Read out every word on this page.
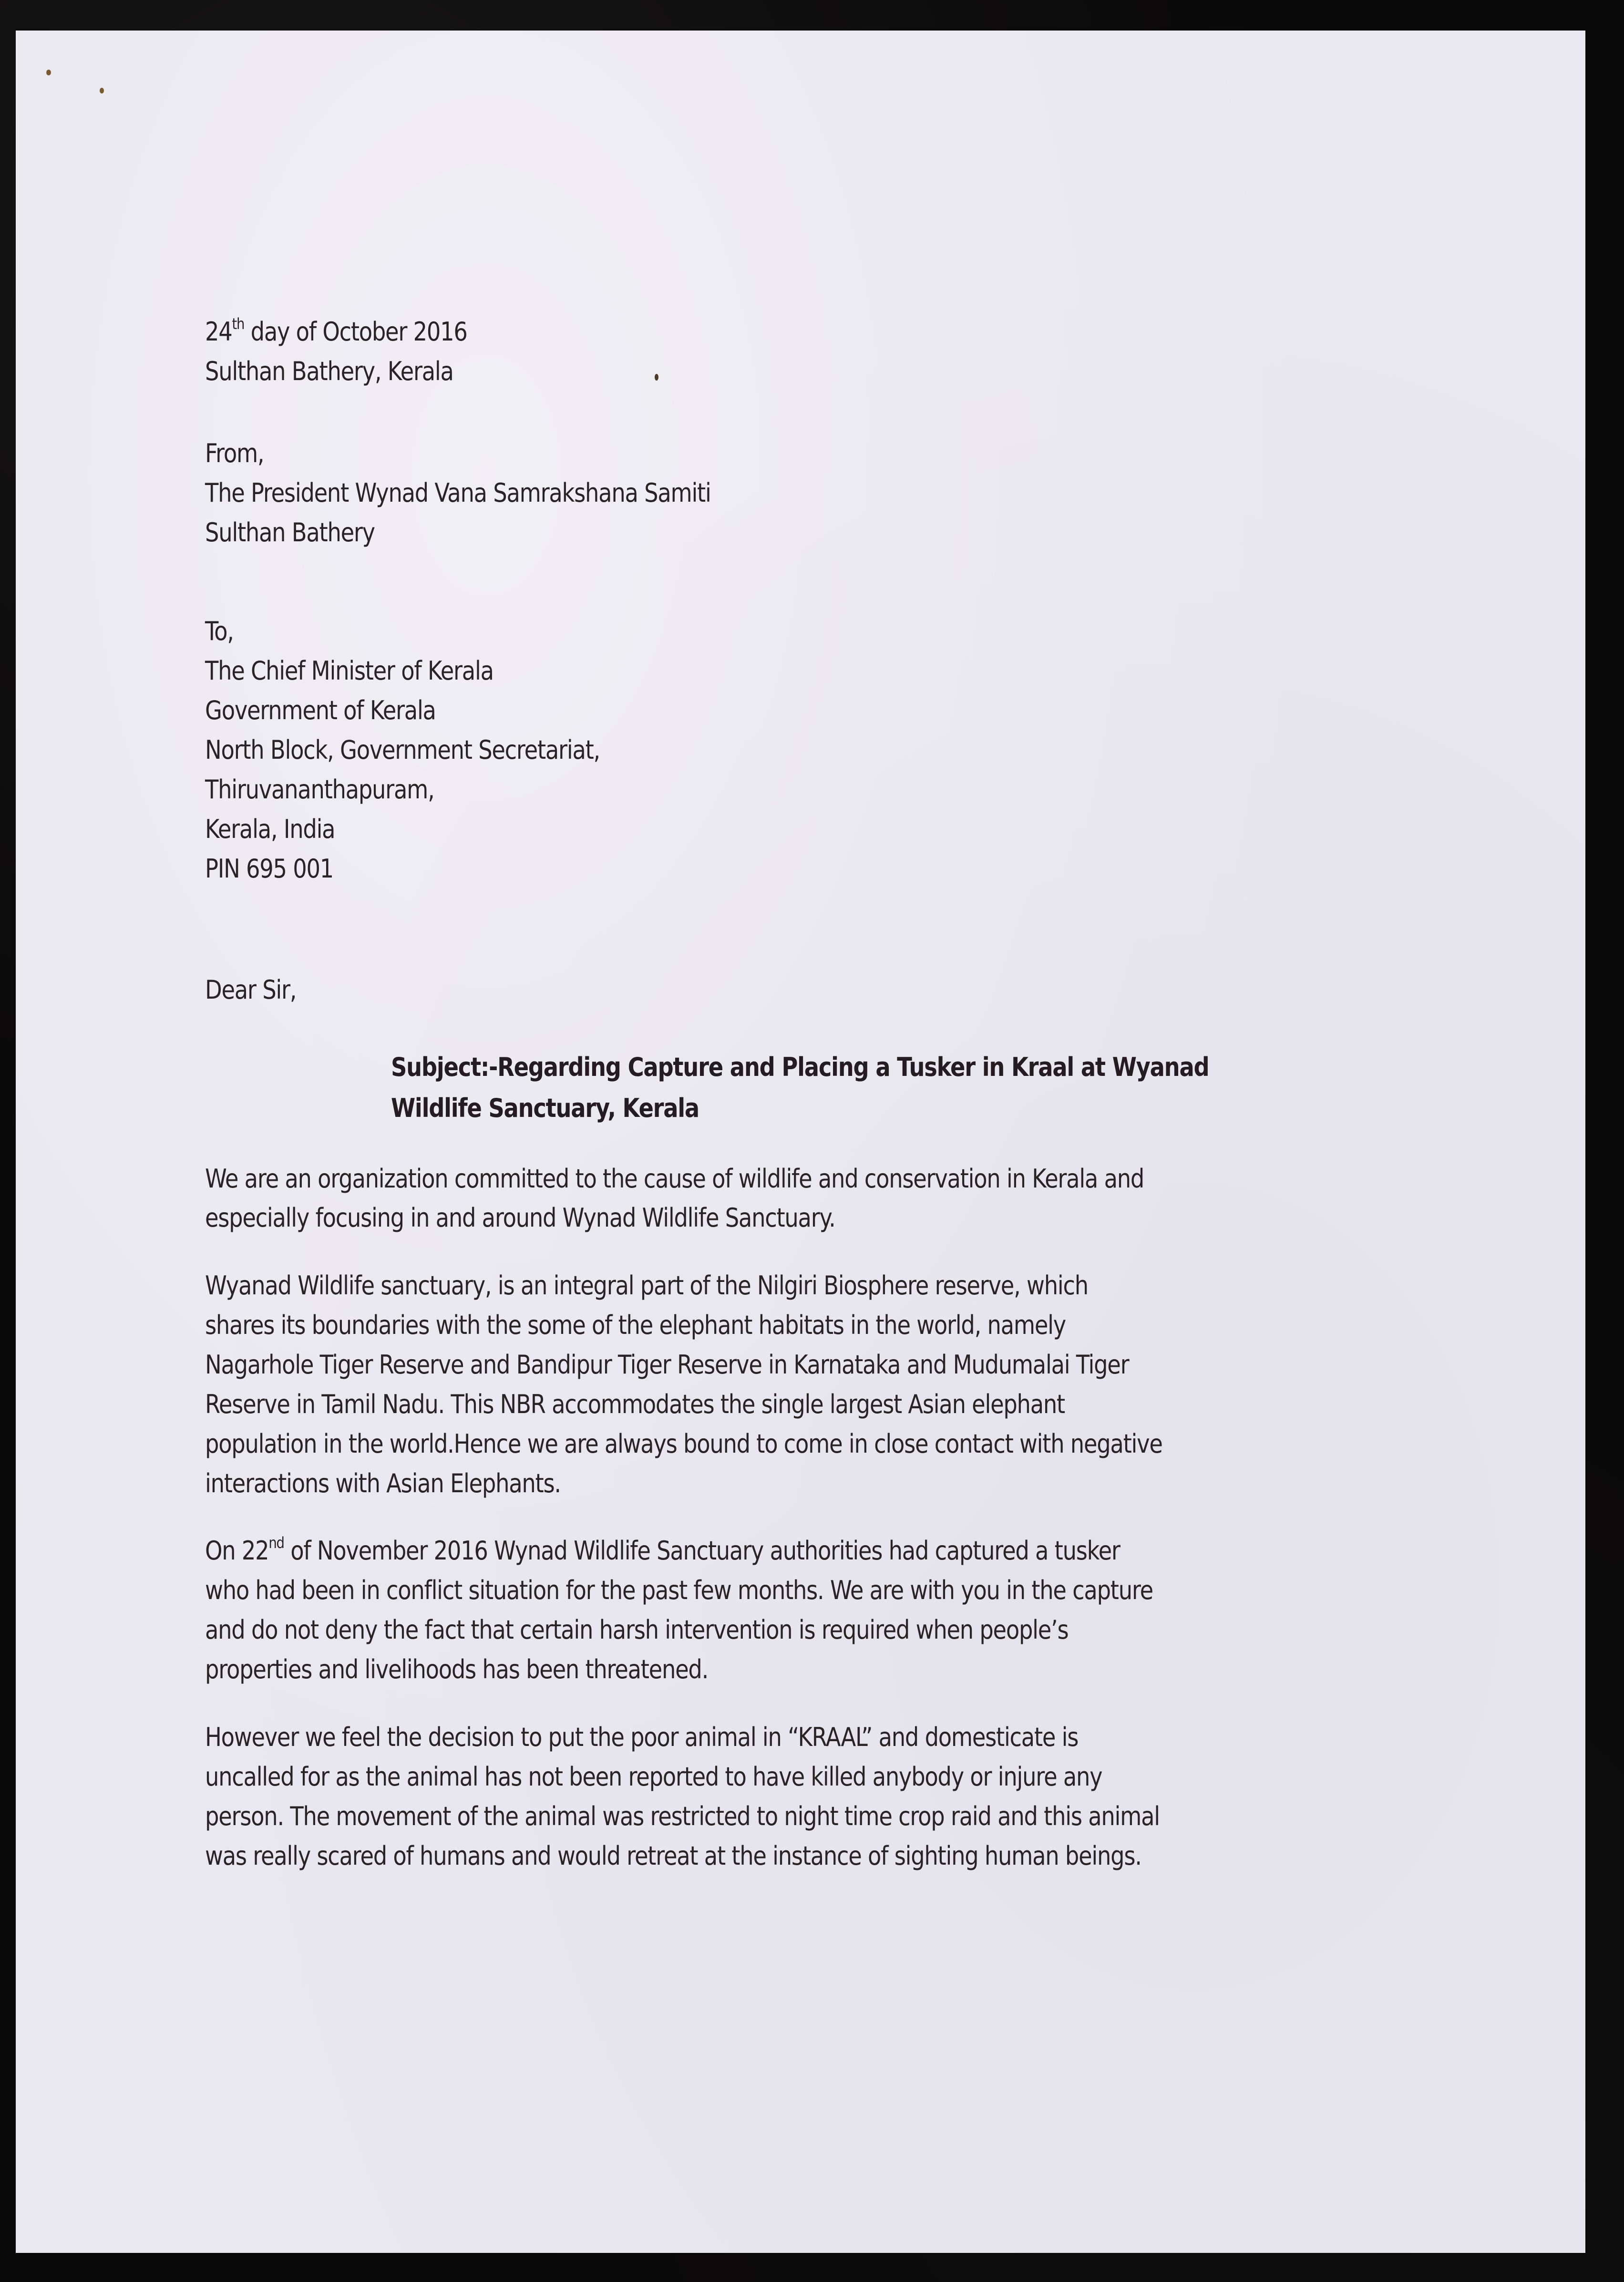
24th day of October 2016
Sulthan Bathery, Kerala
From,
The President Wynad Vana Samrakshana Samiti
Sulthan Bathery
To,
The Chief Minister of Kerala
Government of Kerala
North Block, Government Secretariat,
Thiruvananthapuram,
Kerala, India
PIN 695 001
Dear Sir,
Subject:-Regarding Capture and Placing a Tusker in Kraal at Wyanad
Wildlife Sanctuary, Kerala
We are an organization committed to the cause of wildlife and conservation in Kerala and
especially focusing in and around Wynad Wildlife Sanctuary.
Wyanad Wildlife sanctuary, is an integral part of the Nilgiri Biosphere reserve, which
shares its boundaries with the some of the elephant habitats in the world, namely
Nagarhole Tiger Reserve and Bandipur Tiger Reserve in Karnataka and Mudumalai Tiger
Reserve in Tamil Nadu. This NBR accommodates the single largest Asian elephant
population in the world.Hence we are always bound to come in close contact with negative
interactions with Asian Elephants.
On 22nd of November 2016 Wynad Wildlife Sanctuary authorities had captured a tusker
who had been in conflict situation for the past few months. We are with you in the capture
and do not deny the fact that certain harsh intervention is required when people’s
properties and livelihoods has been threatened.
However we feel the decision to put the poor animal in “KRAAL” and domesticate is
uncalled for as the animal has not been reported to have killed anybody or injure any
person. The movement of the animal was restricted to night time crop raid and this animal
was really scared of humans and would retreat at the instance of sighting human beings.
